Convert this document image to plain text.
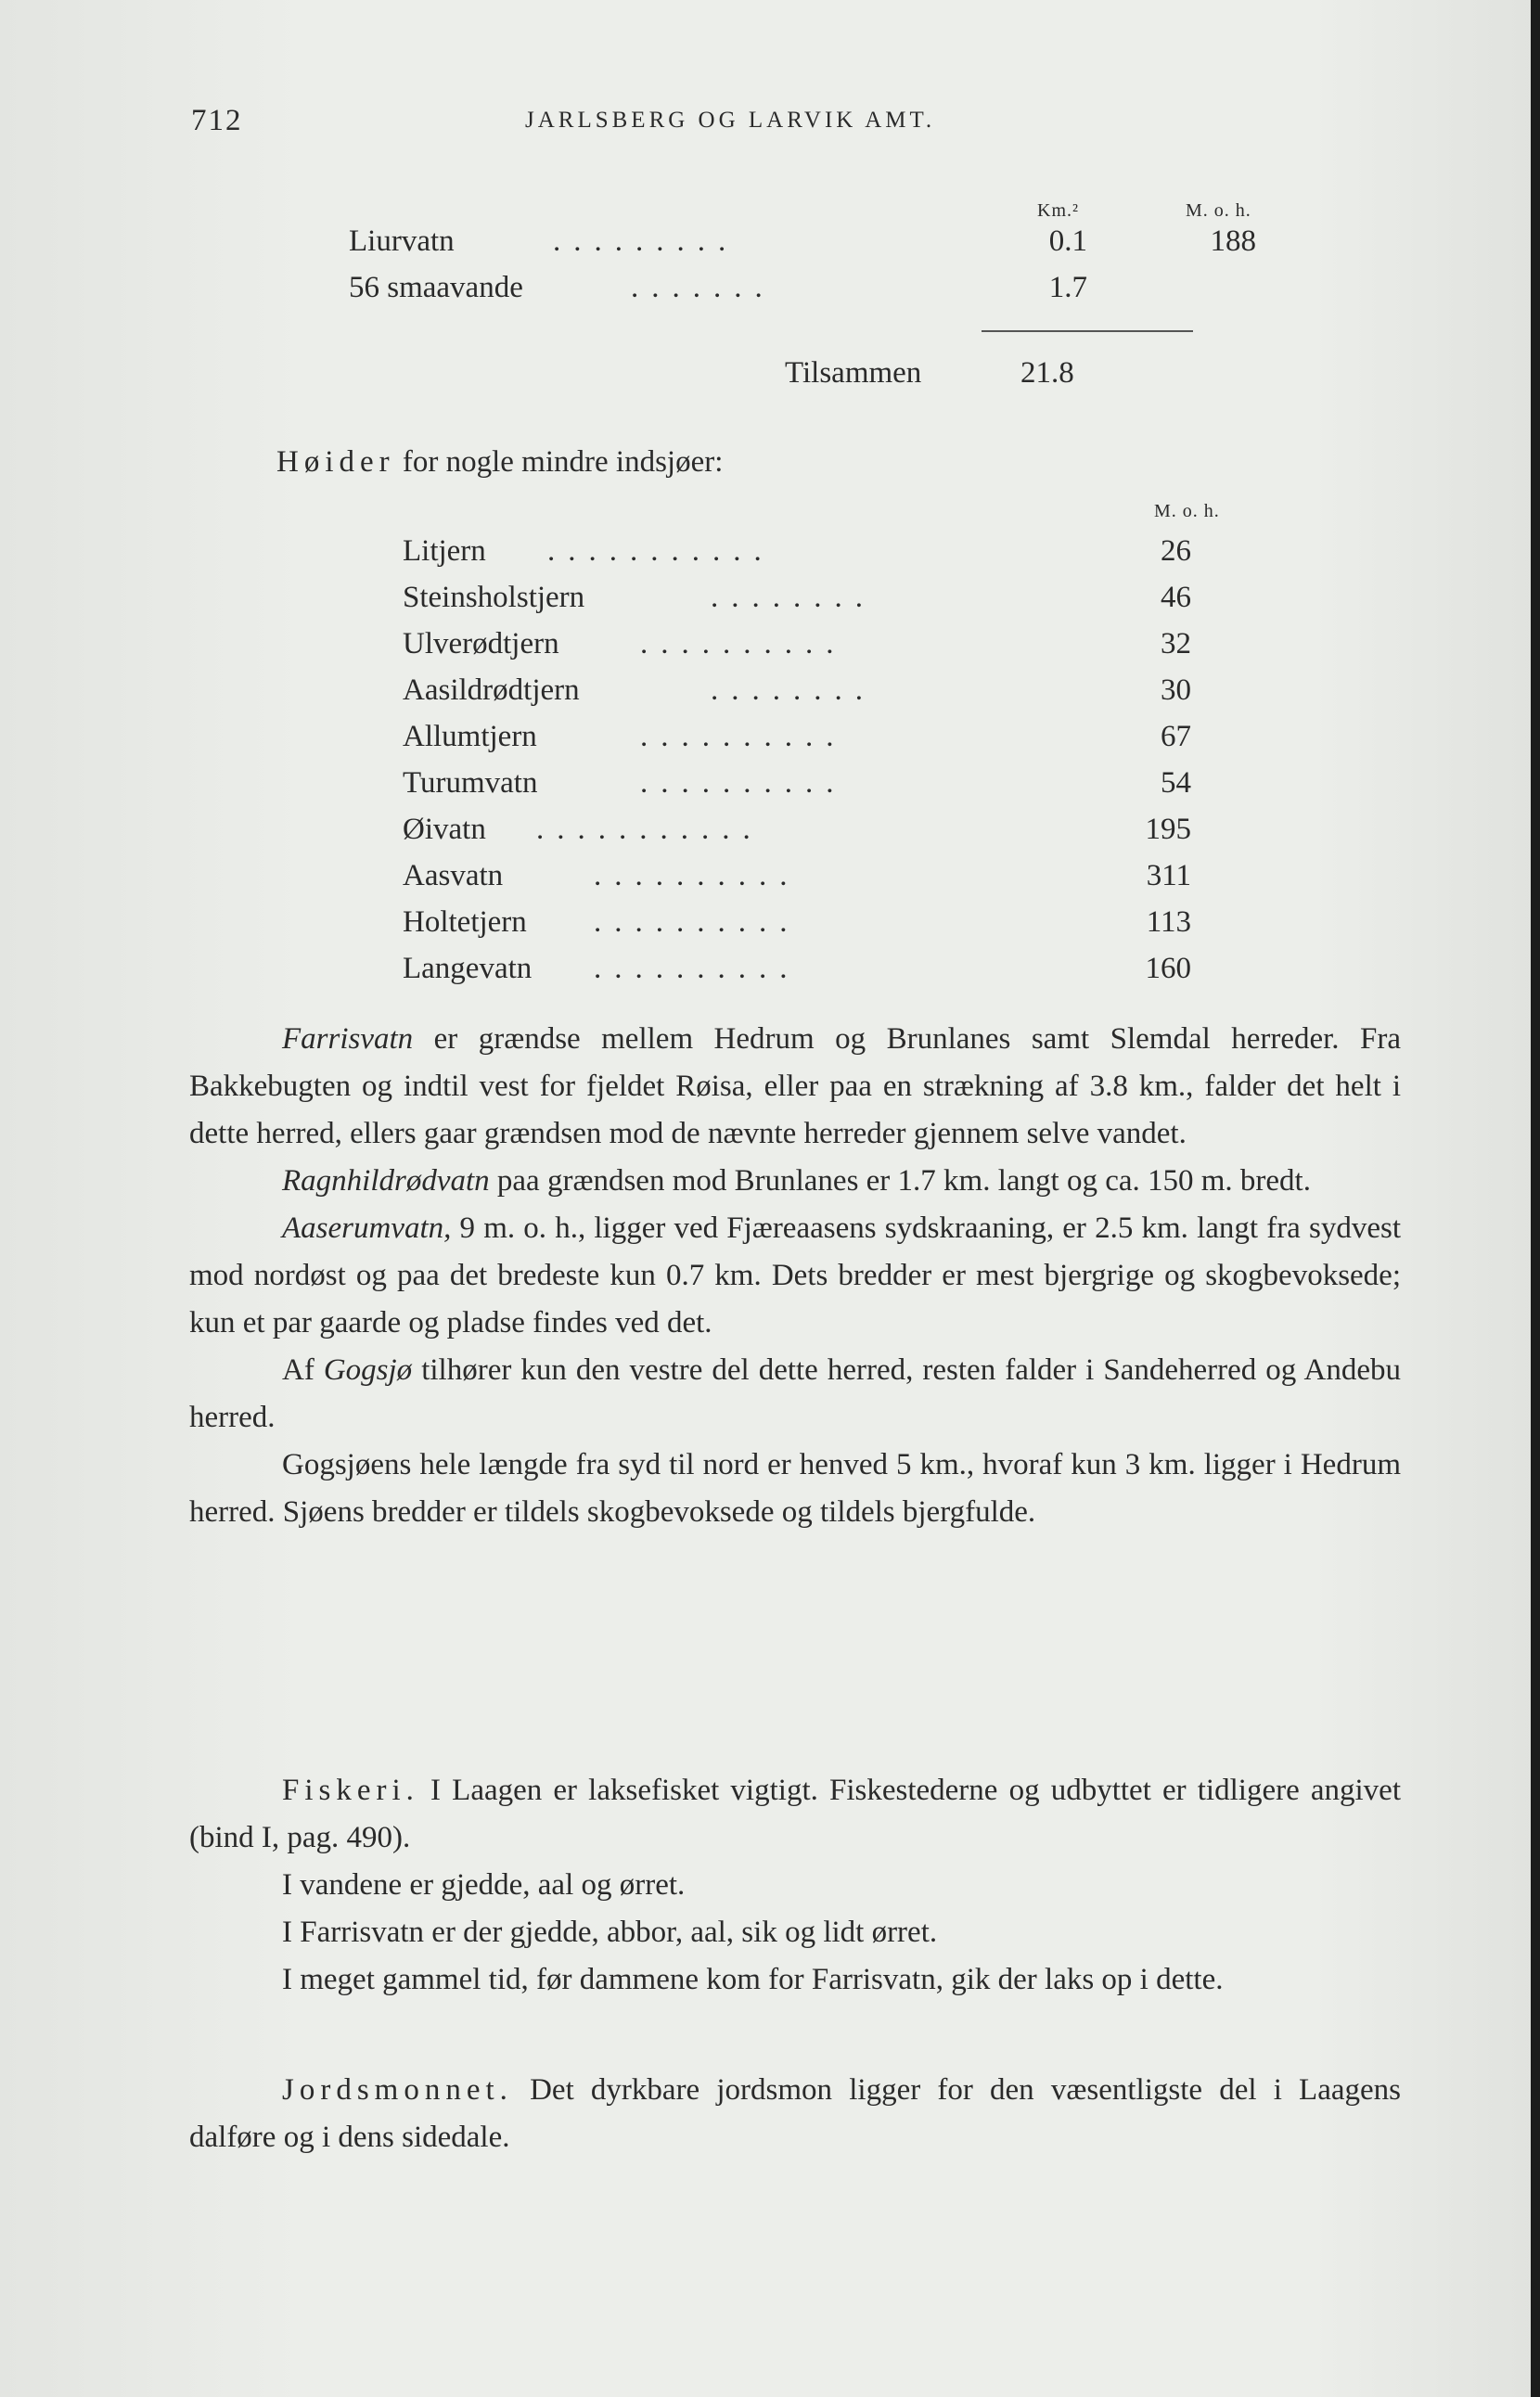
712	JARLSBERG OG LARVIK AMT.
Km.²	M. o. h.
Liurvatn	.........	0.1	188
56 smaavande	.......	1.7
Tilsammen	21.8
Høider for nogle mindre indsjøer:
M. o. h.
Litjern ...........	26
Steinsholstjern	........	46
Ulverødtjern	..........	32
Aasildrødtjern	........	30
Allumtjern	..........	67
Turumvatn	..........	54
Øivatn ...........	195
Aasvatn	..........	311
Holtetjern ..........	113
Langevatn ..........	160

Farrisvatn er grændse mellem Hedrum og Brunlanes samt Slemdal herreder. Fra Bakkebugten og indtil vest for fjeldet Røisa, eller paa en strækning af 3.8 km., falder det helt i dette herred, ellers gaar grændsen mod de nævnte herreder gjennem selve vandet.

Ragnhildrødvatn paa grændsen mod Brunlanes er 1.7 km. langt og ca. 150 m. bredt.

Aaserumvatn, 9 m. o. h., ligger ved Fjæreaasens sydskraaning, er 2.5 km. langt fra sydvest mod nordøst og paa det bredeste kun 0.7 km. Dets bredder er mest bjergrige og skogbevoksede; kun et par gaarde og pladse findes ved det.

Af Gogsjø tilhører kun den vestre del dette herred, resten falder i Sandeherred og Andebu herred.

Gogsjøens hele længde fra syd til nord er henved 5 km., hvoraf kun 3 km. ligger i Hedrum herred. Sjøens bredder er tildels skogbevoksede og tildels bjergfulde.

Fiskeri. I Laagen er laksefisket vigtigt. Fiskestederne og udbyttet er tidligere angivet (bind I, pag. 490).

I vandene er gjedde, aal og ørret.

I Farrisvatn er der gjedde, abbor, aal, sik og lidt ørret.

I meget gammel tid, før dammene kom for Farrisvatn, gik der laks op i dette.

Jordsmonnet. Det dyrkbare jordsmon ligger for den væsentligste del i Laagens dalføre og i dens sidedale.
